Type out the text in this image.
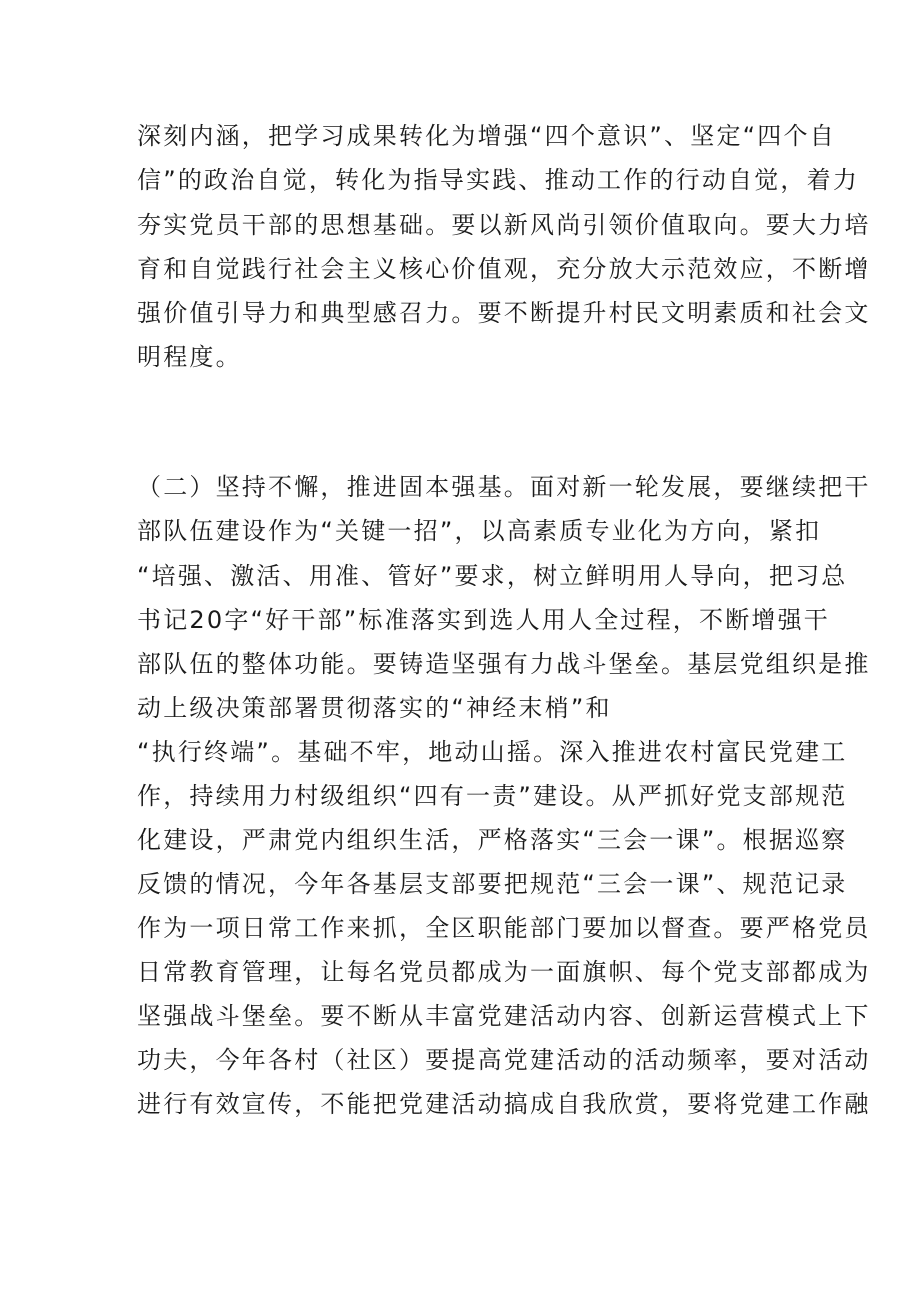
深刻内涵，把学习成果转化为增强“四个意识”、坚定“四个自
信”的政治自觉，转化为指导实践、推动工作的行动自觉，着力
夯实党员干部的思想基础。要以新风尚引领价值取向。要大力培
育和自觉践行社会主义核心价值观，充分放大示范效应，不断增
强价值引导力和典型感召力。要不断提升村民文明素质和社会文
明程度。
（二）坚持不懈，推进固本强基。面对新一轮发展，要继续把干
部队伍建设作为“关键一招”，以高素质专业化为方向，紧扣
“培强、激活、用准、管好”要求，树立鲜明用人导向，把习总
书记20字“好干部”标准落实到选人用人全过程，不断增强干
部队伍的整体功能。要铸造坚强有力战斗堡垒。基层党组织是推
动上级决策部署贯彻落实的“神经末梢”和
“执行终端”。基础不牢，地动山摇。深入推进农村富民党建工
作，持续用力村级组织“四有一责”建设。从严抓好党支部规范
化建设，严肃党内组织生活，严格落实“三会一课”。根据巡察
反馈的情况，今年各基层支部要把规范“三会一课”、规范记录
作为一项日常工作来抓，全区职能部门要加以督查。要严格党员
日常教育管理，让每名党员都成为一面旗帜、每个党支部都成为
坚强战斗堡垒。要不断从丰富党建活动内容、创新运营模式上下
功夫，今年各村（社区）要提高党建活动的活动频率，要对活动
进行有效宣传，不能把党建活动搞成自我欣赏，要将党建工作融
